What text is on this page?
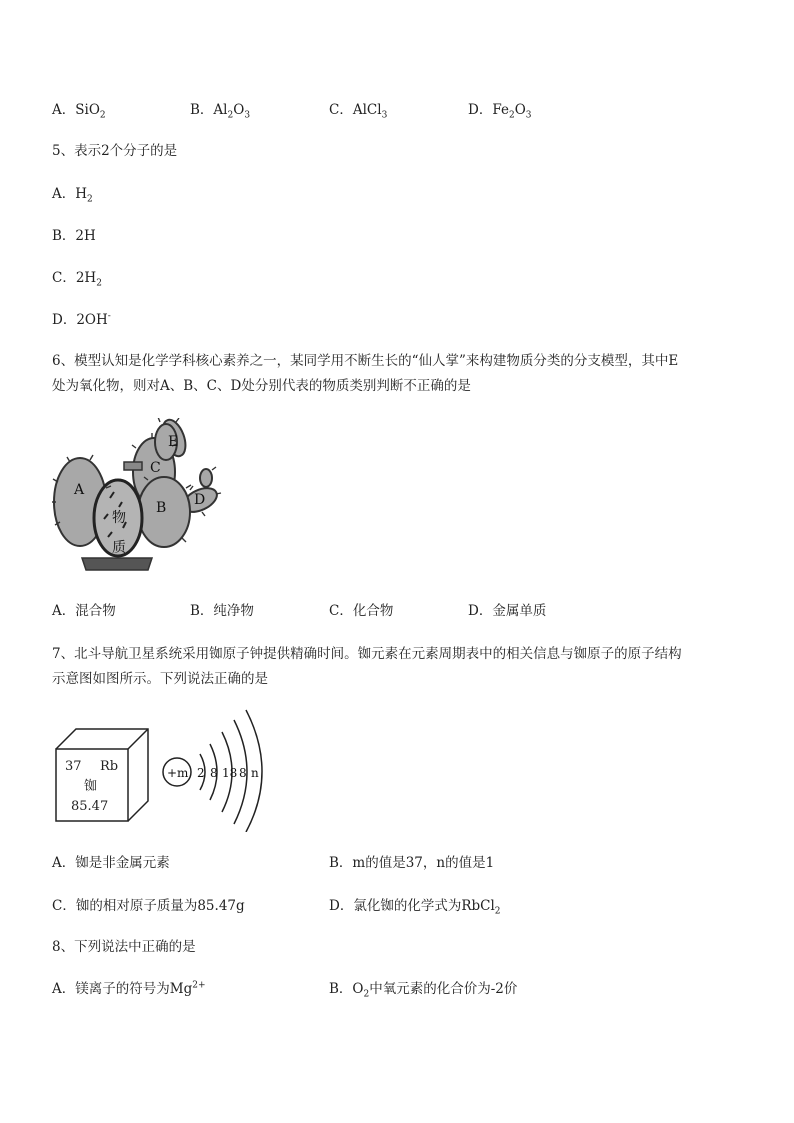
A．SiO$_2$	B．$Al_2O_3$	C．AlCl$_3$	D．$Fe_2O_3$
5、表示2个分子的是
A．$H_2$
B．2H
C．$2H_2$
D．2OH-
6、模型认知是化学学科核心素养之一，某同学用不断生长的“仙人掌”来构建物质分类的分支模型，其中E
处为氧化物，则对A、B、C、D处分别代表的物质类别判断不正确的是
A
B
C
D
E
物
质
A．混合物	B．纯净物	C．化合物	D．金属单质
7、北斗导航卫星系统采用铷原子钟提供精确时间。铷元素在元素周期表中的相关信息与铷原子的原子结构
示意图如图所示。下列说法正确的是
37 Rb
铷
85.47
+m 2 8 18 8 n
A．铷是非金属元素	B．m的值是37，n的值是1
C．铷的相对原子质量为85.47g	D．氯化铷的化学式为RbCl$_2$
8、下列说法中正确的是
A．镁离子的符号为$Mg^{2+}$	B．$O_2$中氧元素的化合价为-2价
